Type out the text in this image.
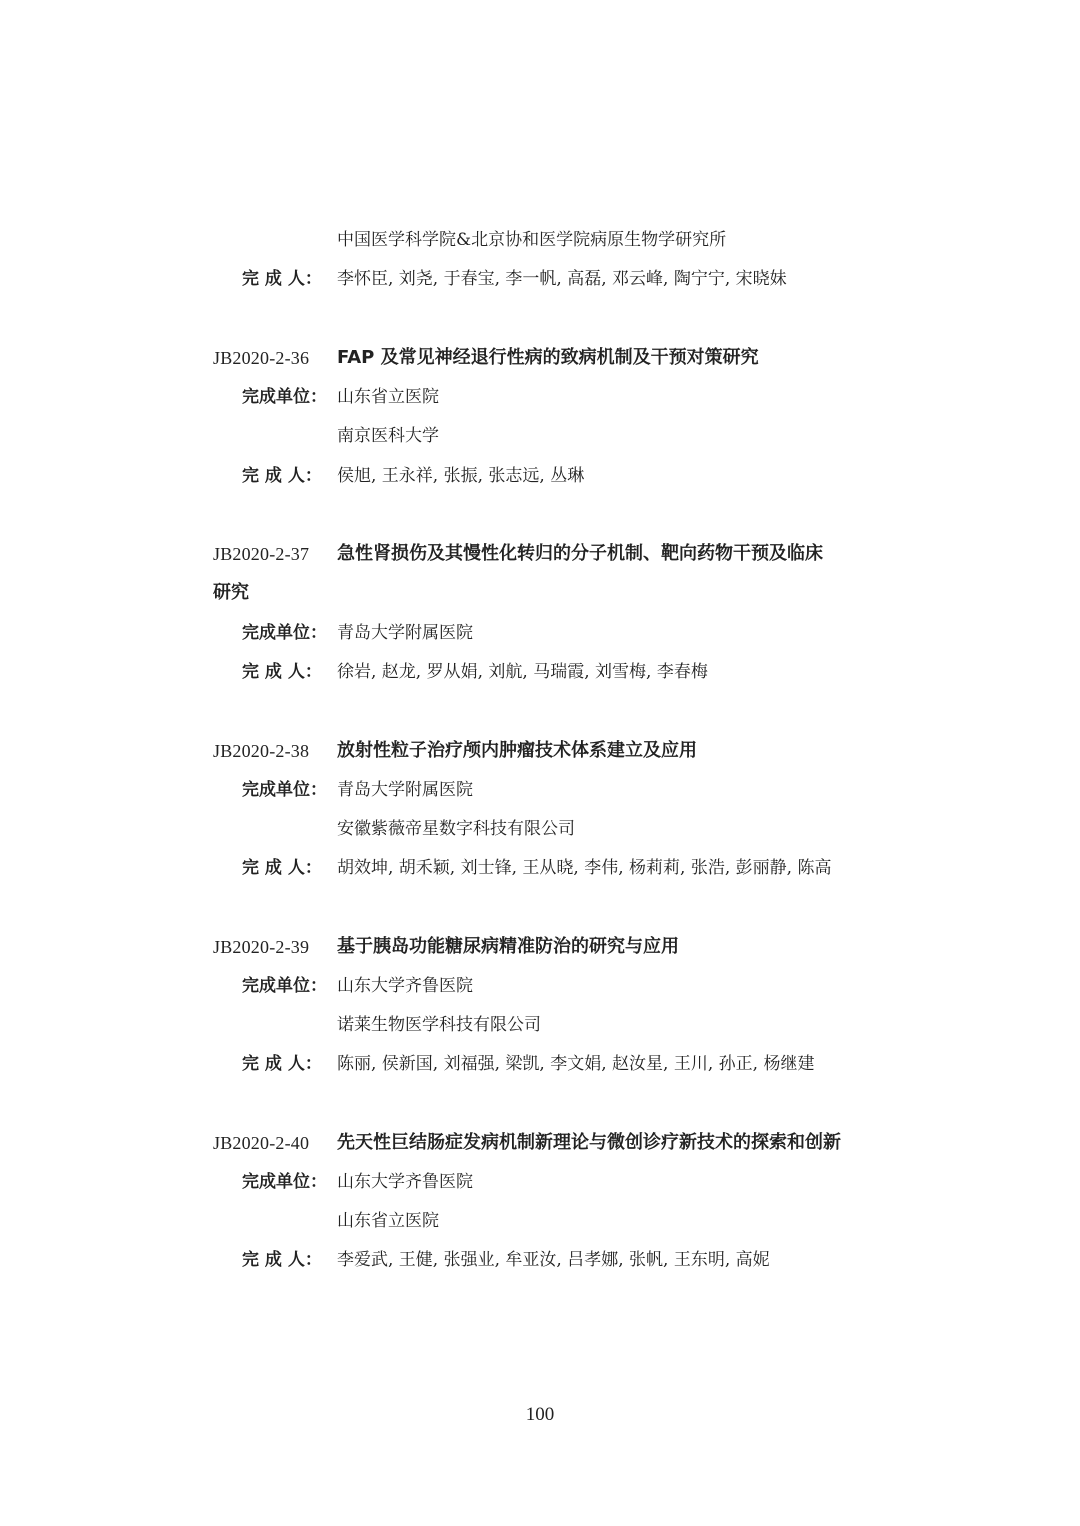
中国医学科学院&北京协和医学院病原生物学研究所
完 成 人： 李怀臣, 刘尧, 于春宝, 李一帆, 高磊, 邓云峰, 陶宁宁, 宋晓妹
JB2020-2-36 FAP 及常见神经退行性病的致病机制及干预对策研究
完成单位： 山东省立医院
南京医科大学
完 成 人： 侯旭, 王永祥, 张振, 张志远, 丛琳
JB2020-2-37 急性肾损伤及其慢性化转归的分子机制、靶向药物干预及临床
研究
完成单位： 青岛大学附属医院
完 成 人： 徐岩, 赵龙, 罗从娟, 刘航, 马瑞霞, 刘雪梅, 李春梅
JB2020-2-38 放射性粒子治疗颅内肿瘤技术体系建立及应用
完成单位： 青岛大学附属医院
安徽紫薇帝星数字科技有限公司
完 成 人： 胡效坤, 胡禾颖, 刘士锋, 王从晓, 李伟, 杨莉莉, 张浩, 彭丽静, 陈高
JB2020-2-39 基于胰岛功能糖尿病精准防治的研究与应用
完成单位： 山东大学齐鲁医院
诺莱生物医学科技有限公司
完 成 人： 陈丽, 侯新国, 刘福强, 梁凯, 李文娟, 赵汝星, 王川, 孙正, 杨继建
JB2020-2-40 先天性巨结肠症发病机制新理论与微创诊疗新技术的探索和创新
完成单位： 山东大学齐鲁医院
山东省立医院
完 成 人： 李爱武, 王健, 张强业, 牟亚汝, 吕孝娜, 张帆, 王东明, 高妮
100
